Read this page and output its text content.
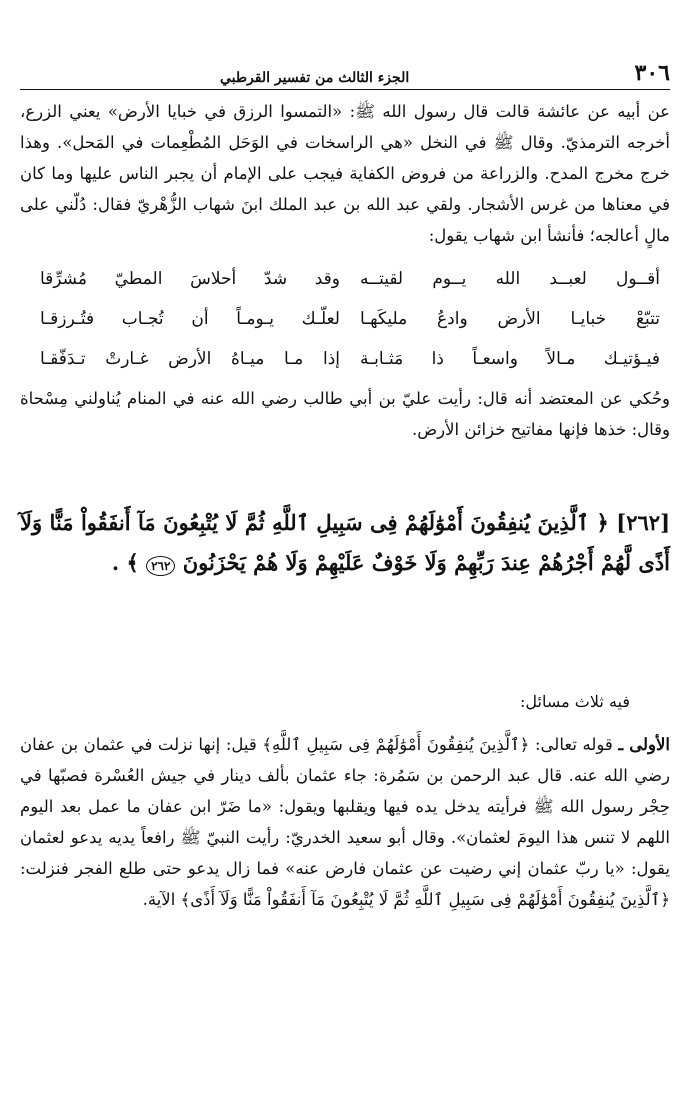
٣٠٦
الجزء الثالث من تفسير القرطبي

عن أبيه عن عائشة قالت قال رسول الله ﷺ: «التمسوا الرزق في خبايا الأرض» يعني الزرع، أخرجه الترمذيّ. وقال ﷺ في النخل «هي الراسخات في الوَحَل المُطْعِمات في المَحل». وهذا خرج مخرج المدح. والزراعة من فروض الكفاية فيجب على الإمام أن يجبر الناس عليها وما كان في معناها من غرس الأشجار. ولقي عبد الله بن عبد الملك ابنَ شهاب الزُّهْريّ فقال: دُلّني على مالٍ أعالجه؛ فأنشأ ابن شهاب يقول:

أقــول لعبــد الله يــوم لقيتــه
وقد شدّ أحلاسَ المطيّ مُشرِّقا
تتبّعْ خبايـا الأرض وادعُ مليكَهـا
لعلّـك يـومـاً أن تُجـاب فتُـرزقـا
فيـؤتيـك مـالاً واسعـاً ذا مَثـابـة
إذا مـا ميـاهُ الأرض غـارتْ تـدَفّقـا

وحُكي عن المعتضد أنه قال: رأيت عليّ بن أبي طالب رضي الله عنه في المنام يُناولني مِسْحاة وقال: خذها فإنها مفاتيح خزائن الأرض.

[٢٦٢] ﴿ ٱلَّذِينَ يُنفِقُونَ أَمْوَٰلَهُمْ فِى سَبِيلِ ٱللَّهِ ثُمَّ لَا يُتْبِعُونَ مَآ أَنفَقُواْ مَنًّا وَلَآ أَذًى لَّهُمْ أَجْرُهُمْ عِندَ رَبِّهِمْ وَلَا خَوْفٌ عَلَيْهِمْ وَلَا هُمْ يَحْزَنُونَ ٢٦٢ ﴾ .

فيه ثلاث مسائل:

الأولى ـ قوله تعالى: ﴿ٱلَّذِينَ يُنفِقُونَ أَمْوَٰلَهُمْ فِى سَبِيلِ ٱللَّهِ﴾ قيل: إنها نزلت في عثمان بن عفان رضي الله عنه. قال عبد الرحمن بن سَمُرة: جاء عثمان بألف دينار في جيش العُسْرة فصبّها في حِجْر رسول الله ﷺ فرأيته يدخل يده فيها ويقلبها ويقول: «ما ضَرّ ابن عفان ما عمل بعد اليوم اللهم لا تنس هذا اليومَ لعثمان». وقال أبو سعيد الخدريّ: رأيت النبيّ ﷺ رافعاً يديه يدعو لعثمان يقول: «يا ربّ عثمان إني رضيت عن عثمان فارض عنه» فما زال يدعو حتى طلع الفجر فنزلت: ﴿ٱلَّذِينَ يُنفِقُونَ أَمْوَٰلَهُمْ فِى سَبِيلِ ٱللَّهِ ثُمَّ لَا يُتْبِعُونَ مَآ أَنفَقُواْ مَنًّا وَلَآ أَذًى﴾ الآية.
